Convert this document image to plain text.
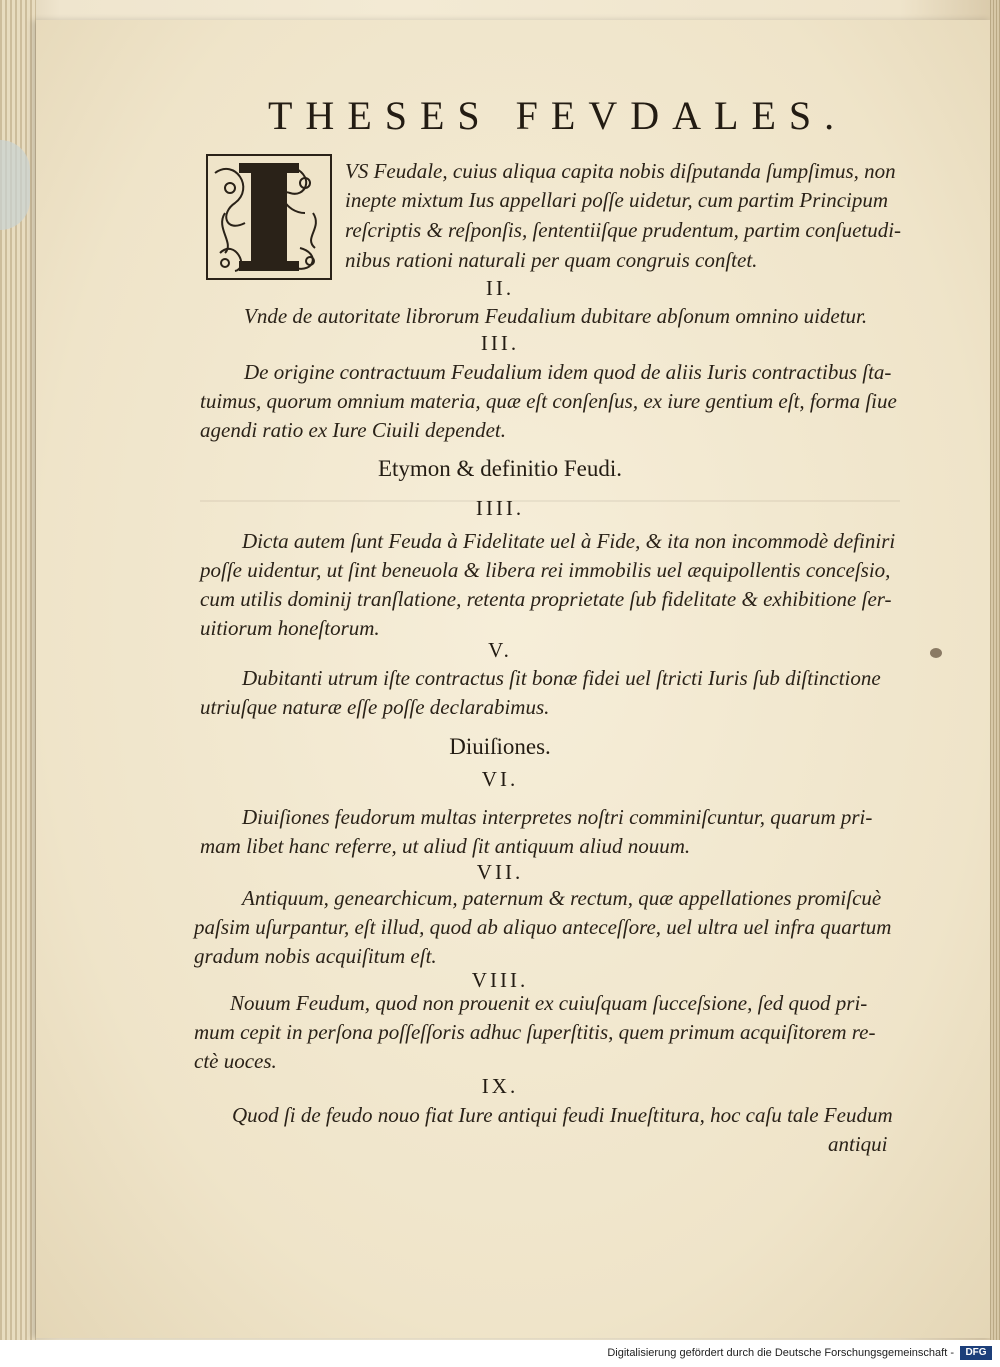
THESES FEVDALES.
VS Feudale, cuius aliqua capita nobis diſputanda ſumpſimus, non
inepte mixtum Ius appellari poſſe uidetur, cum partim Principum
reſcriptis & reſponſis, ſententiiſque prudentum, partim conſuetudi-
nibus rationi naturali per quam congruis conſtet.
II.
Vnde de autoritate librorum Feudalium dubitare abſonum omnino uidetur.
III.
De origine contractuum Feudalium idem quod de aliis Iuris contractibus ſta-
tuimus, quorum omnium materia, quæ eſt conſenſus, ex iure gentium eſt, forma ſiue
agendi ratio ex Iure Ciuili dependet.
Etymon & definitio Feudi.
IIII.
Dicta autem ſunt Feuda à Fidelitate uel à Fide, & ita non incommodè definiri
poſſe uidentur, ut ſint beneuola & libera rei immobilis uel æquipollentis conceſsio,
cum utilis dominij tranſlatione, retenta proprietate ſub fidelitate & exhibitione ſer-
uitiorum honeſtorum.
V.
Dubitanti utrum iſte contractus ſit bonæ fidei uel ſtricti Iuris ſub diſtinctione
utriuſque naturæ eſſe poſſe declarabimus.
Diuiſiones.
VI.
Diuiſiones feudorum multas interpretes noſtri comminiſcuntur, quarum pri-
mam libet hanc referre, ut aliud ſit antiquum aliud nouum.
VII.
Antiquum, genearchicum, paternum & rectum, quæ appellationes promiſcuè
paſsim uſurpantur, eſt illud, quod ab aliquo anteceſſore, uel ultra uel infra quartum
gradum nobis acquiſitum eſt.
VIII.
Nouum Feudum, quod non prouenit ex cuiuſquam ſucceſsione, ſed quod pri-
mum cepit in perſona poſſeſſoris adhuc ſuperſtitis, quem primum acquiſitorem re-
ctè uoces.
IX.
Quod ſi de feudo nouo fiat Iure antiqui feudi Inueſtitura, hoc caſu tale Feudum
antiqui
Digitalisierung gefördert durch die Deutsche Forschungsgemeinschaft -	DFG
